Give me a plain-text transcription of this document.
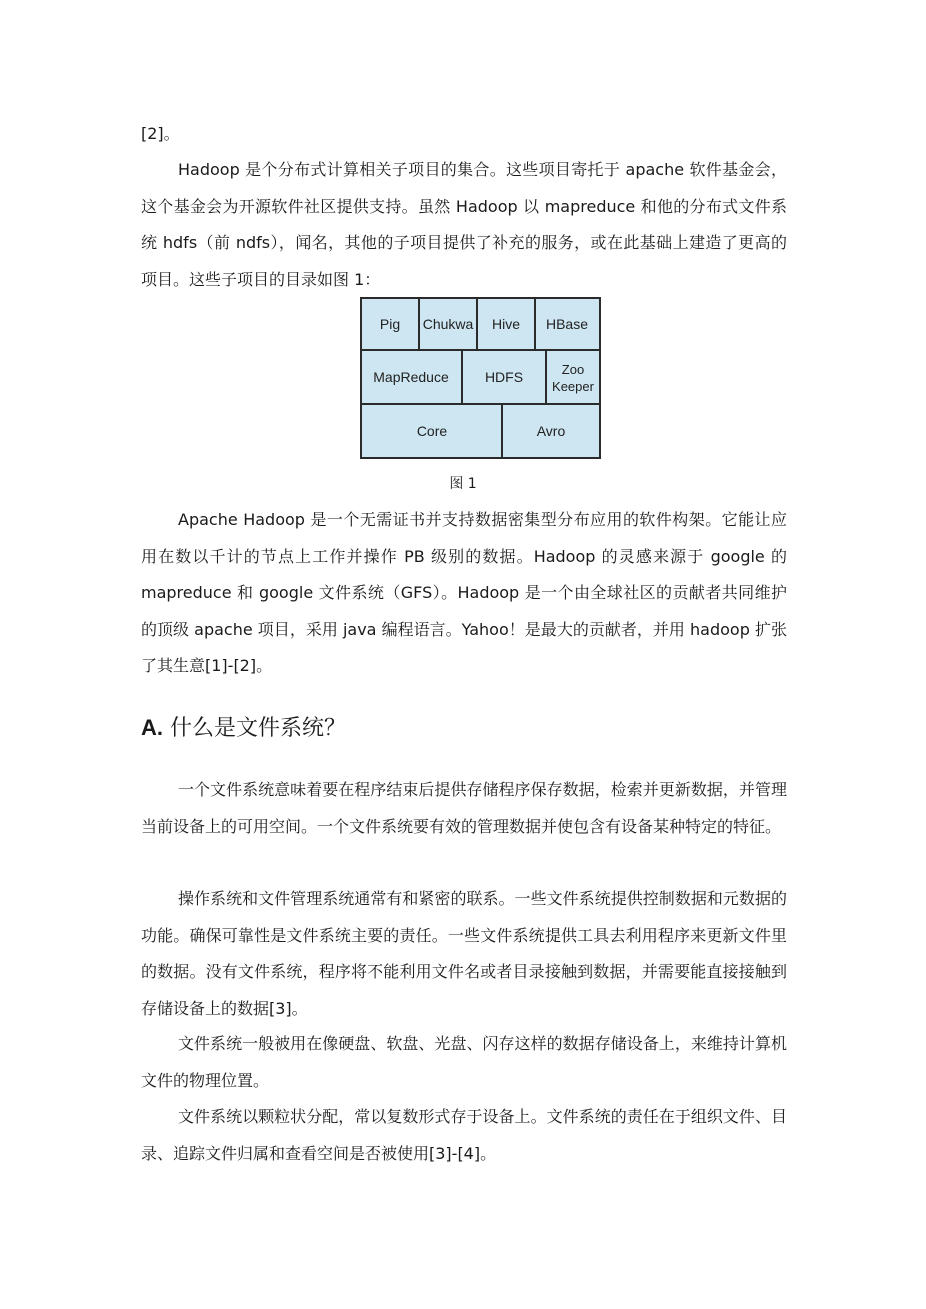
[2]。

Hadoop 是个分布式计算相关子项目的集合。这些项目寄托于 apache 软件基金会，这个基金会为开源软件社区提供支持。虽然 Hadoop 以 mapreduce 和他的分布式文件系统 hdfs（前 ndfs），闻名，其他的子项目提供了补充的服务，或在此基础上建造了更高的项目。这些子项目的目录如图 1：

Pig Chukwa Hive HBase
MapReduce	HDFS	Zoo
Keeper
Core	Avro

图 1

Apache Hadoop 是一个无需证书并支持数据密集型分布应用的软件构架。它能让应用在数以千计的节点上工作并操作 PB 级别的数据。Hadoop 的灵感来源于 google 的 mapreduce 和 google 文件系统（GFS）。Hadoop 是一个由全球社区的贡献者共同维护的顶级 apache 项目，采用 java 编程语言。Yahoo！是最大的贡献者，并用 hadoop 扩张了其生意[1]-[2]。

A. 什么是文件系统？

一个文件系统意味着要在程序结束后提供存储程序保存数据，检索并更新数据，并管理当前设备上的可用空间。一个文件系统要有效的管理数据并使包含有设备某种特定的特征。

操作系统和文件管理系统通常有和紧密的联系。一些文件系统提供控制数据和元数据的功能。确保可靠性是文件系统主要的责任。一些文件系统提供工具去利用程序来更新文件里的数据。没有文件系统，程序将不能利用文件名或者目录接触到数据，并需要能直接接触到存储设备上的数据[3]。

文件系统一般被用在像硬盘、软盘、光盘、闪存这样的数据存储设备上，来维持计算机文件的物理位置。

文件系统以颗粒状分配，常以复数形式存于设备上。文件系统的责任在于组织文件、目录、追踪文件归属和查看空间是否被使用[3]-[4]。
